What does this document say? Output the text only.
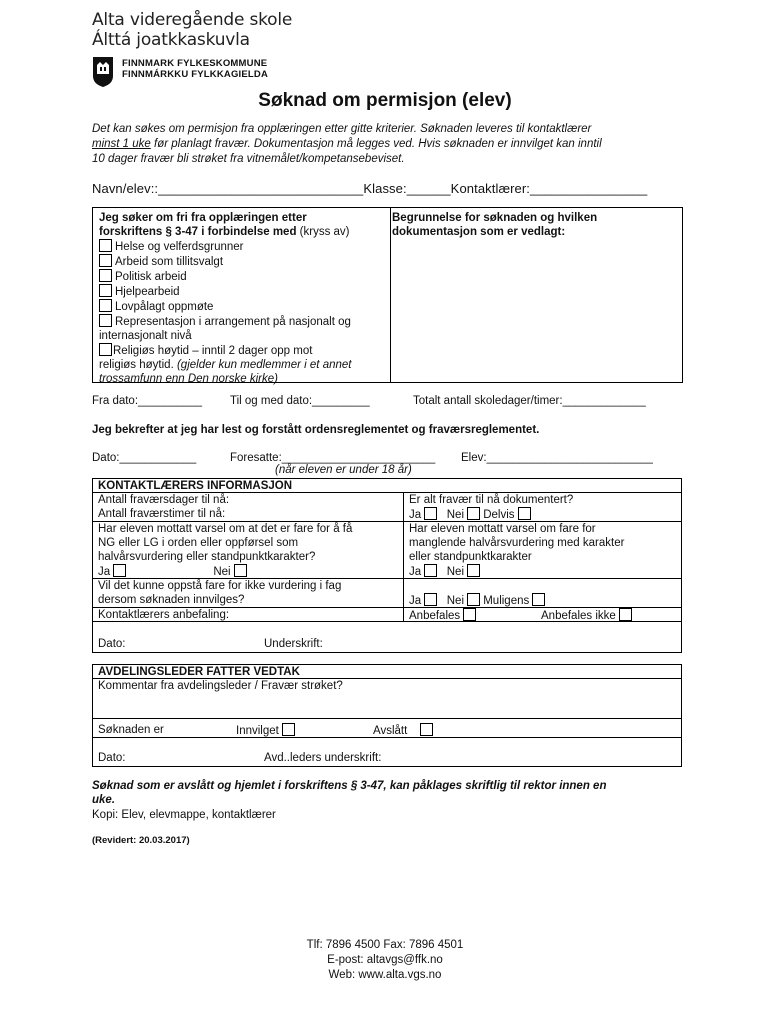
Alta videregående skole
Álttá joatkkaskuvla
FINNMARK FYLKESKOMMUNE
FINNMÁRKKU FYLKKAGIELDA
Søknad om permisjon (elev)
Det kan søkes om permisjon fra opplæringen etter gitte kriterier. Søknaden leveres til kontaktlærer
minst 1 uke før planlagt fravær. Dokumentasjon må legges ved. Hvis søknaden er innvilget kan inntil
10 dager fravær bli strøket fra vitnemålet/kompetansebeviset.
Navn/elev::____________________________Klasse:______Kontaktlærer:________________
Jeg søker om fri fra opplæringen etter
forskriftens § 3-47 i forbindelse med (kryss av)
Helse og velferdsgrunner
Arbeid som tillitsvalgt
Politisk arbeid
Hjelpearbeid
Lovpålagt oppmøte
Representasjon i arrangement på nasjonalt og
internasjonalt nivå
Religiøs høytid – inntil 2 dager opp mot
religiøs høytid. (gjelder kun medlemmer i et annet
trossamfunn enn Den norske kirke)
Begrunnelse for søknaden og hvilken
dokumentasjon som er vedlagt:
Fra dato:__________ Til og med dato:_________	Totalt antall skoledager/timer:_____________
Jeg bekrefter at jeg har lest og forstått ordensreglementet og fraværsreglementet.
Dato:____________	Foresatte:________________________ Elev:__________________________
(når eleven er under 18 år)
KONTAKTLÆRERS INFORMASJON
Antall fraværsdager til nå:
Antall fraværstimer til nå:
Er alt fravær til nå dokumentert?
Ja Nei Delvis
Har eleven mottatt varsel om at det er fare for å få
NG eller LG i orden eller oppførsel som
halvårsvurdering eller standpunktkarakter?
Ja	Nei
Har eleven mottatt varsel om fare for
manglende halvårsvurdering med karakter
eller standpunktkarakter
Ja Nei
Vil det kunne oppstå fare for ikke vurdering i fag
dersom søknaden innvilges?	Ja Nei Muligens
Kontaktlærers anbefaling:	Anbefales	Anbefales ikke
Dato:	Underskrift:
AVDELINGSLEDER FATTER VEDTAK
Kommentar fra avdelingsleder / Fravær strøket?
Søknaden er	Innvilget	Avslått
Dato:	Avd..leders underskrift:
Søknad som er avslått og hjemlet i forskriftens § 3-47, kan påklages skriftlig til rektor innen en
uke.
Kopi: Elev, elevmappe, kontaktlærer
(Revidert: 20.03.2017)
Tlf: 7896 4500 Fax: 7896 4501
E-post: altavgs@ffk.no
Web: www.alta.vgs.no
